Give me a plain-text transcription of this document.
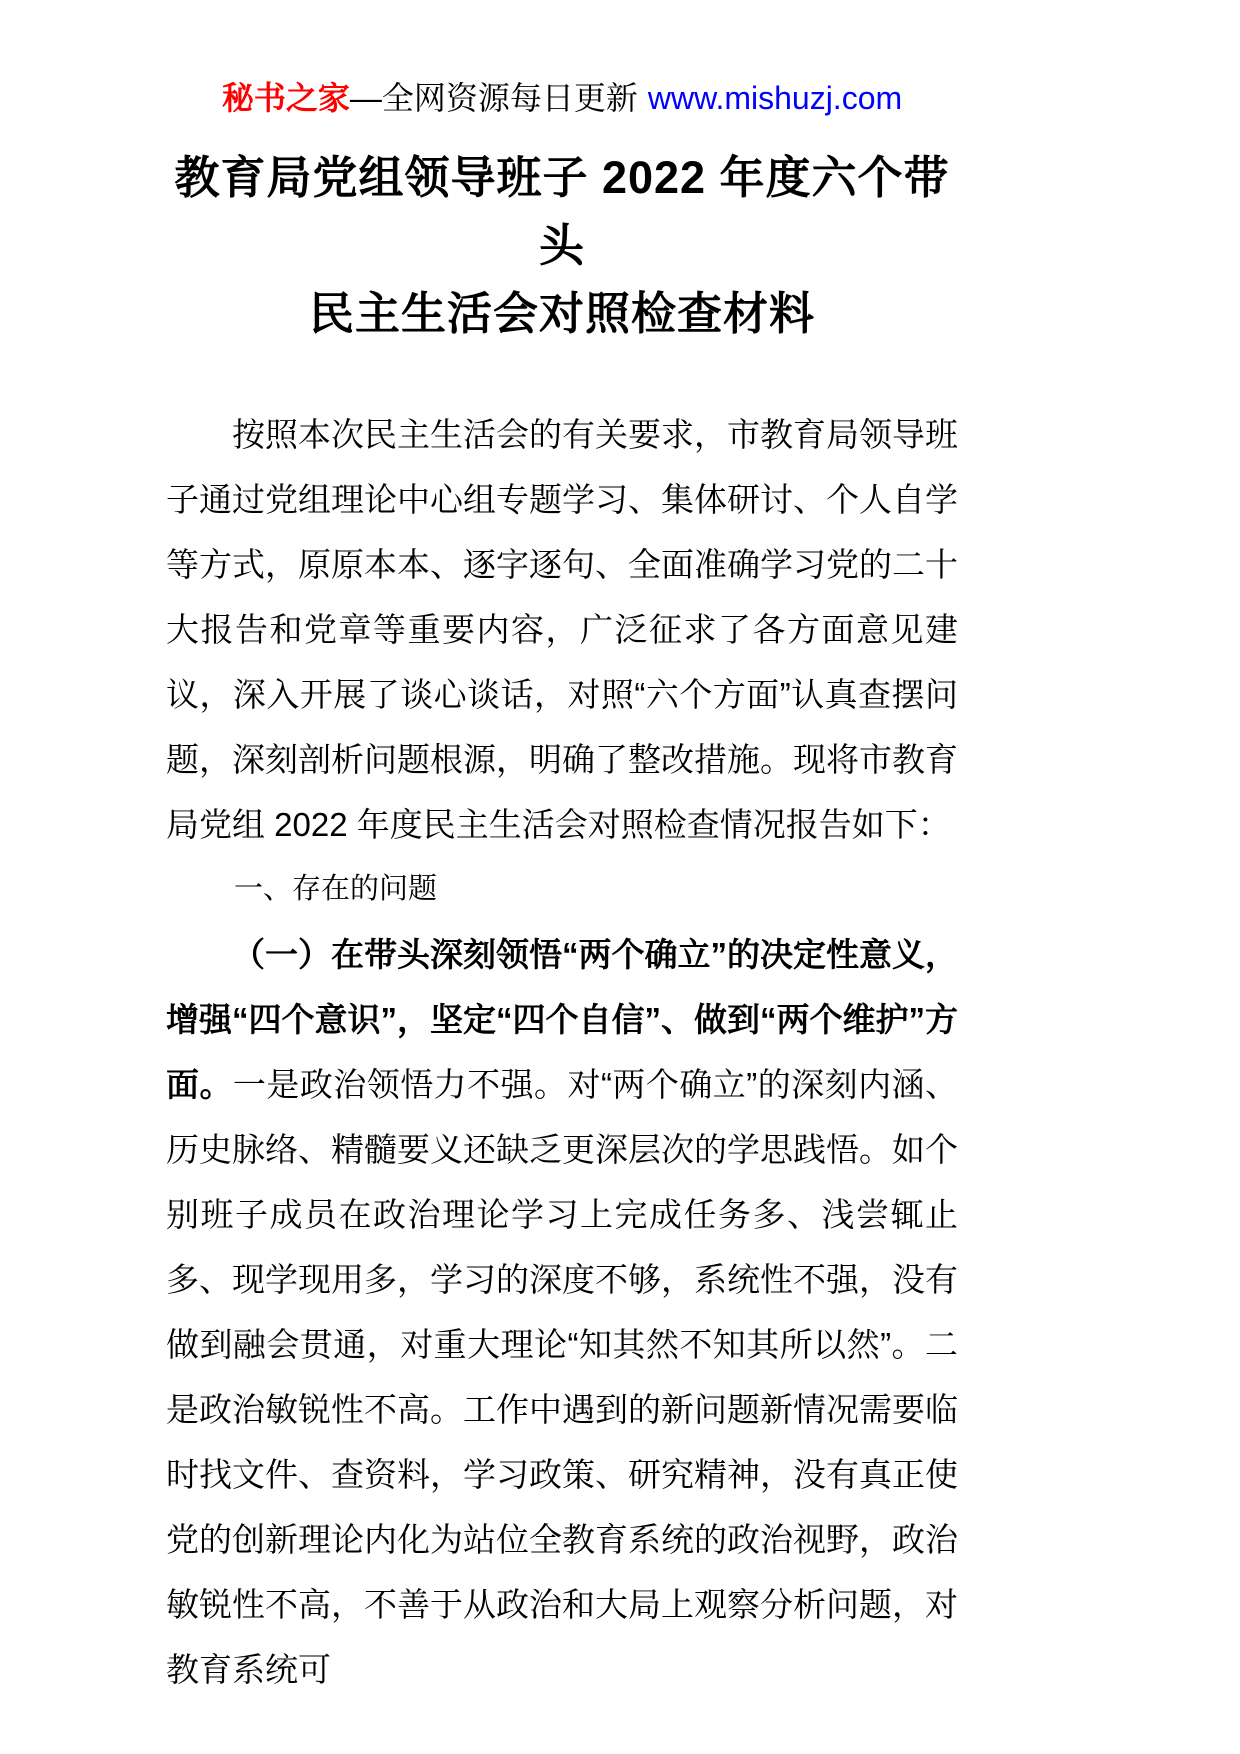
秘书之家—全网资源每日更新 www.mishuzj.com
教育局党组领导班子 2022 年度六个带头
民主生活会对照检查材料

按照本次民主生活会的有关要求，市教育局领导班子通过党组理论中心组专题学习、集体研讨、个人自学等方式，原原本本、逐字逐句、全面准确学习党的二十大报告和党章等重要内容，广泛征求了各方面意见建议，深入开展了谈心谈话，对照“六个方面”认真查摆问题，深刻剖析问题根源，明确了整改措施。现将市教育局党组 2022 年度民主生活会对照检查情况报告如下：

一、存在的问题

（一）在带头深刻领悟“两个确立”的决定性意义，增强“四个意识”，坚定“四个自信”、做到“两个维护”方面。一是政治领悟力不强。对“两个确立”的深刻内涵、历史脉络、精髓要义还缺乏更深层次的学思践悟。如个别班子成员在政治理论学习上完成任务多、浅尝辄止多、现学现用多，学习的深度不够，系统性不强，没有做到融会贯通，对重大理论“知其然不知其所以然”。二是政治敏锐性不高。工作中遇到的新问题新情况需要临时找文件、查资料，学习政策、研究精神，没有真正使党的创新理论内化为站位全教育系统的政治视野，政治敏锐性不高，不善于从政治和大局上观察分析问题，对教育系统可
